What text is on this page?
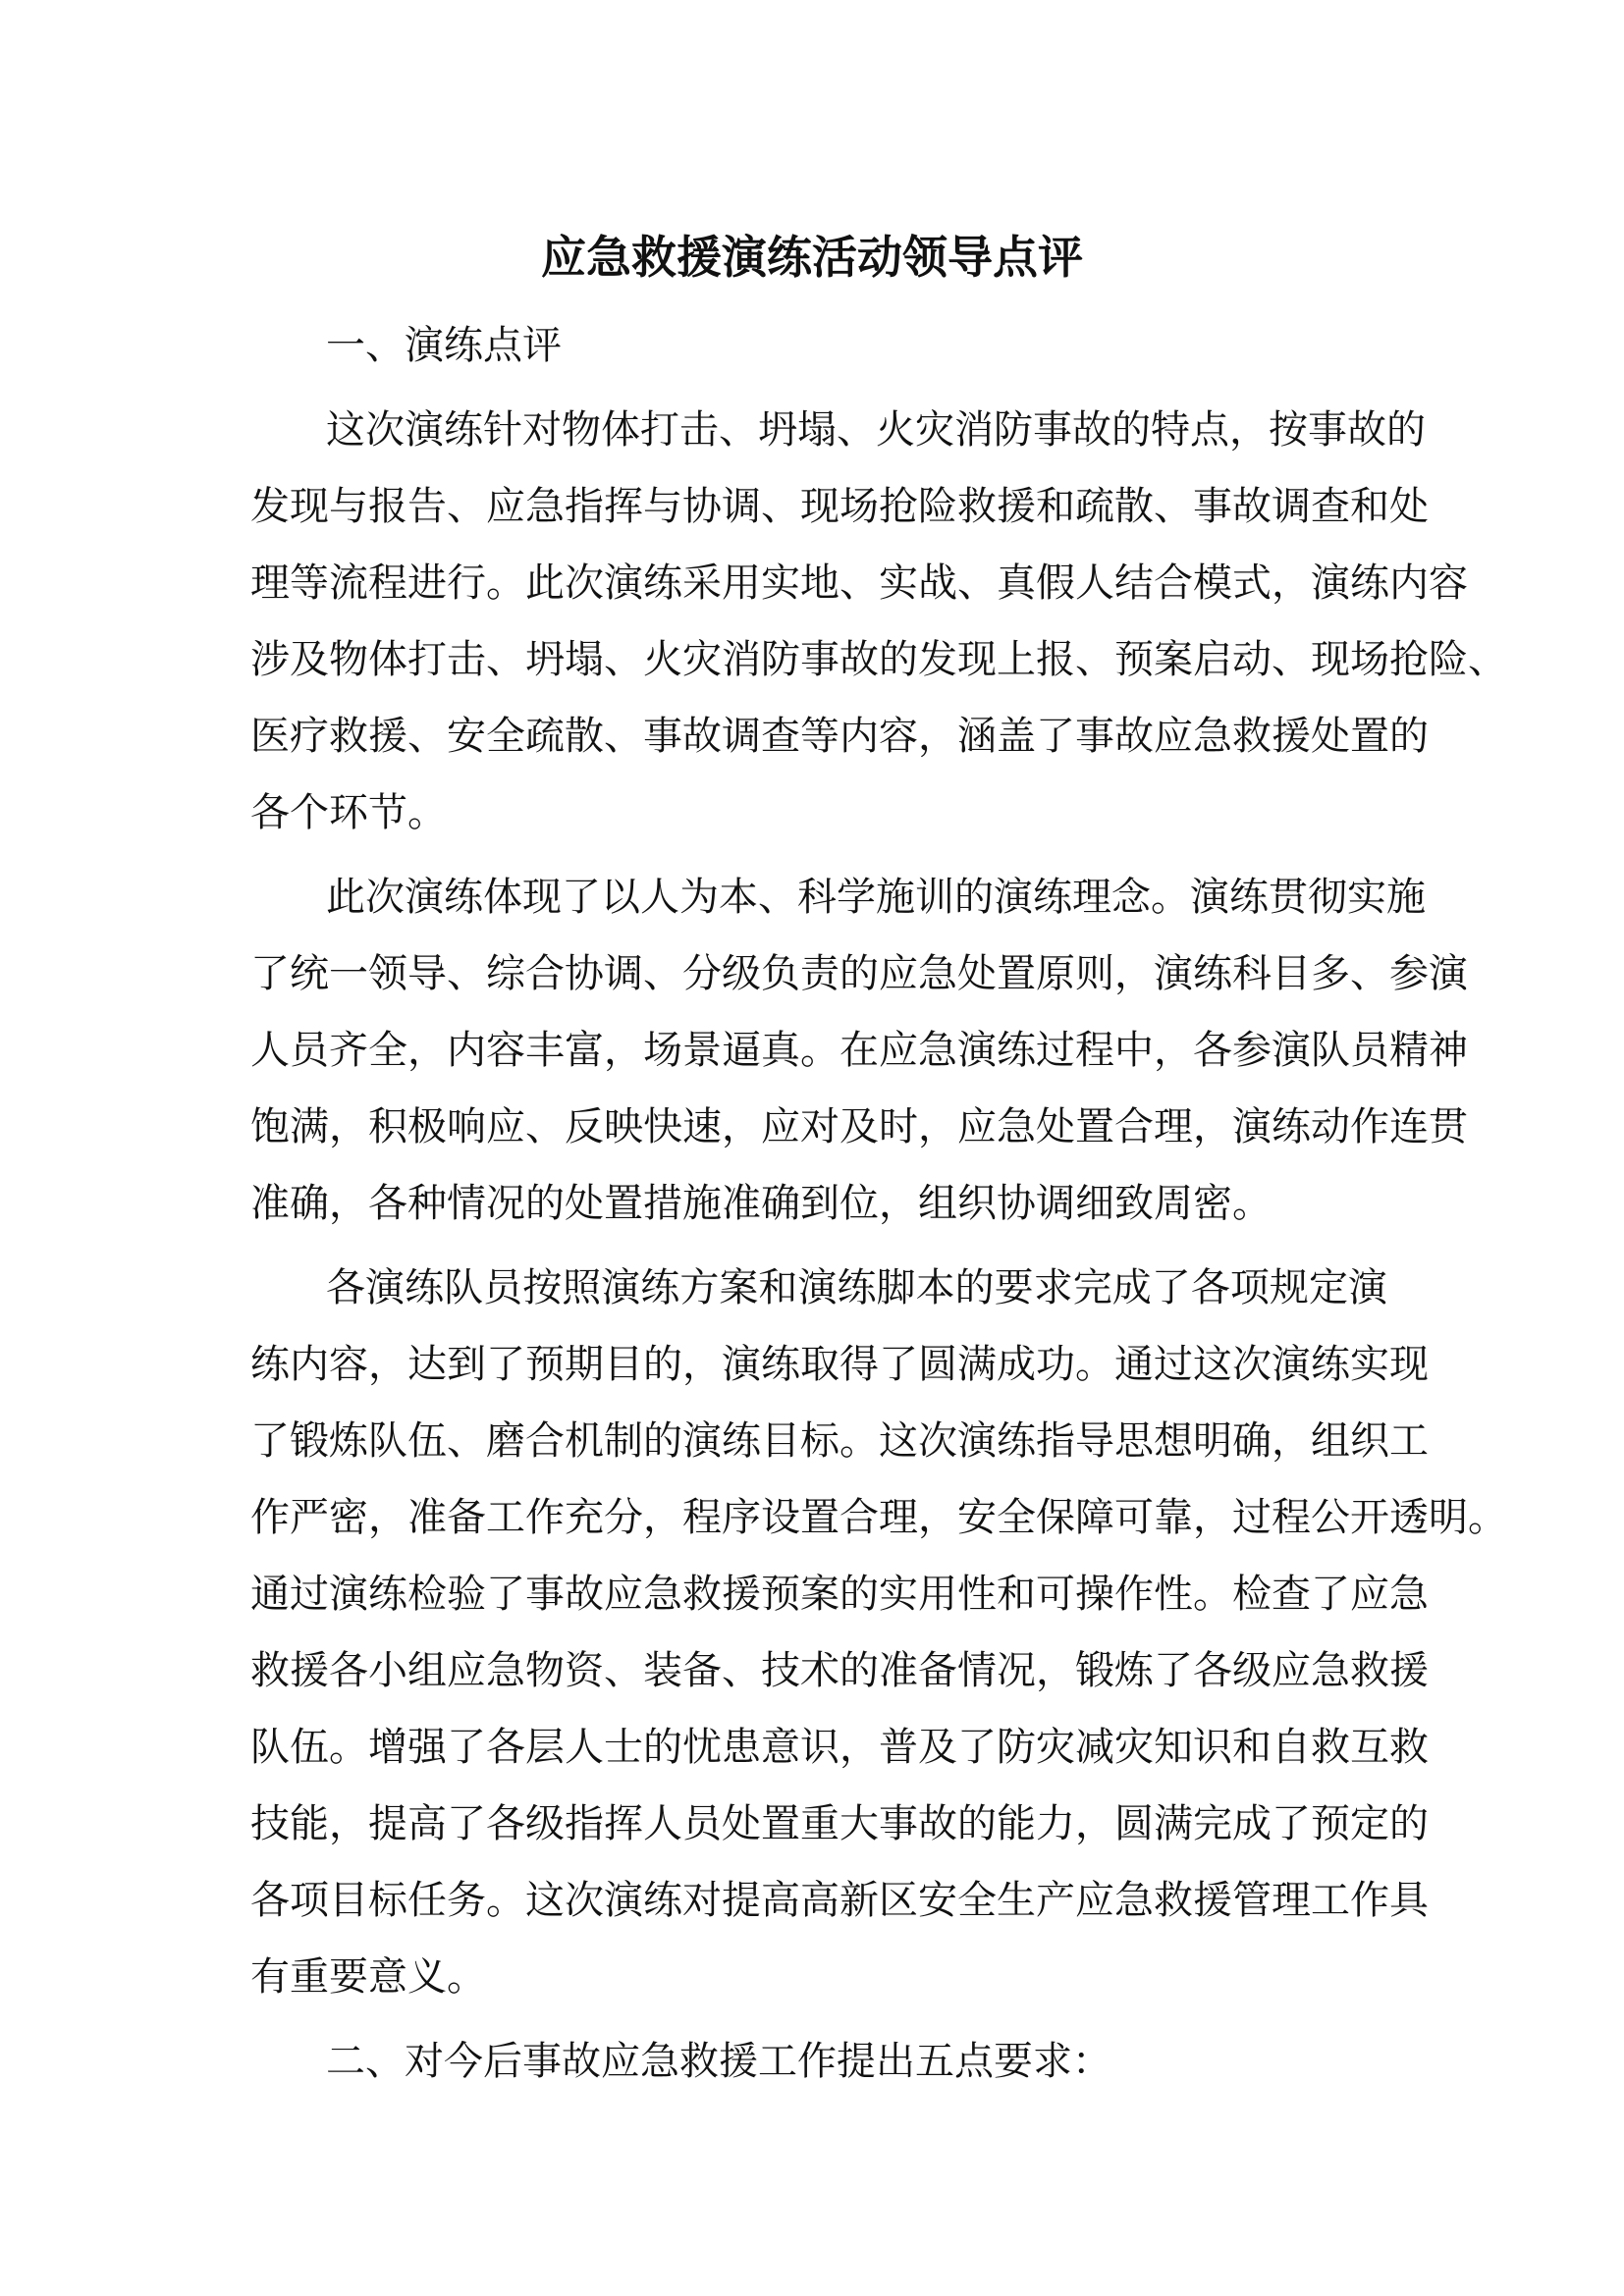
应急救援演练活动领导点评
一、演练点评
这次演练针对物体打击、坍塌、火灾消防事故的特点，按事故的
发现与报告、应急指挥与协调、现场抢险救援和疏散、事故调查和处
理等流程进行。此次演练采用实地、实战、真假人结合模式，演练内容
涉及物体打击、坍塌、火灾消防事故的发现上报、预案启动、现场抢险、
医疗救援、安全疏散、事故调查等内容，涵盖了事故应急救援处置的
各个环节。
此次演练体现了以人为本、科学施训的演练理念。演练贯彻实施
了统一领导、综合协调、分级负责的应急处置原则，演练科目多、参演
人员齐全，内容丰富，场景逼真。在应急演练过程中，各参演队员精神
饱满，积极响应、反映快速，应对及时，应急处置合理，演练动作连贯
准确，各种情况的处置措施准确到位，组织协调细致周密。
各演练队员按照演练方案和演练脚本的要求完成了各项规定演
练内容，达到了预期目的，演练取得了圆满成功。通过这次演练实现
了锻炼队伍、磨合机制的演练目标。这次演练指导思想明确，组织工
作严密，准备工作充分，程序设置合理，安全保障可靠，过程公开透明。
通过演练检验了事故应急救援预案的实用性和可操作性。检查了应急
救援各小组应急物资、装备、技术的准备情况，锻炼了各级应急救援
队伍。增强了各层人士的忧患意识，普及了防灾减灾知识和自救互救
技能，提高了各级指挥人员处置重大事故的能力，圆满完成了预定的
各项目标任务。这次演练对提高高新区安全生产应急救援管理工作具
有重要意义。
二、对今后事故应急救援工作提出五点要求：
